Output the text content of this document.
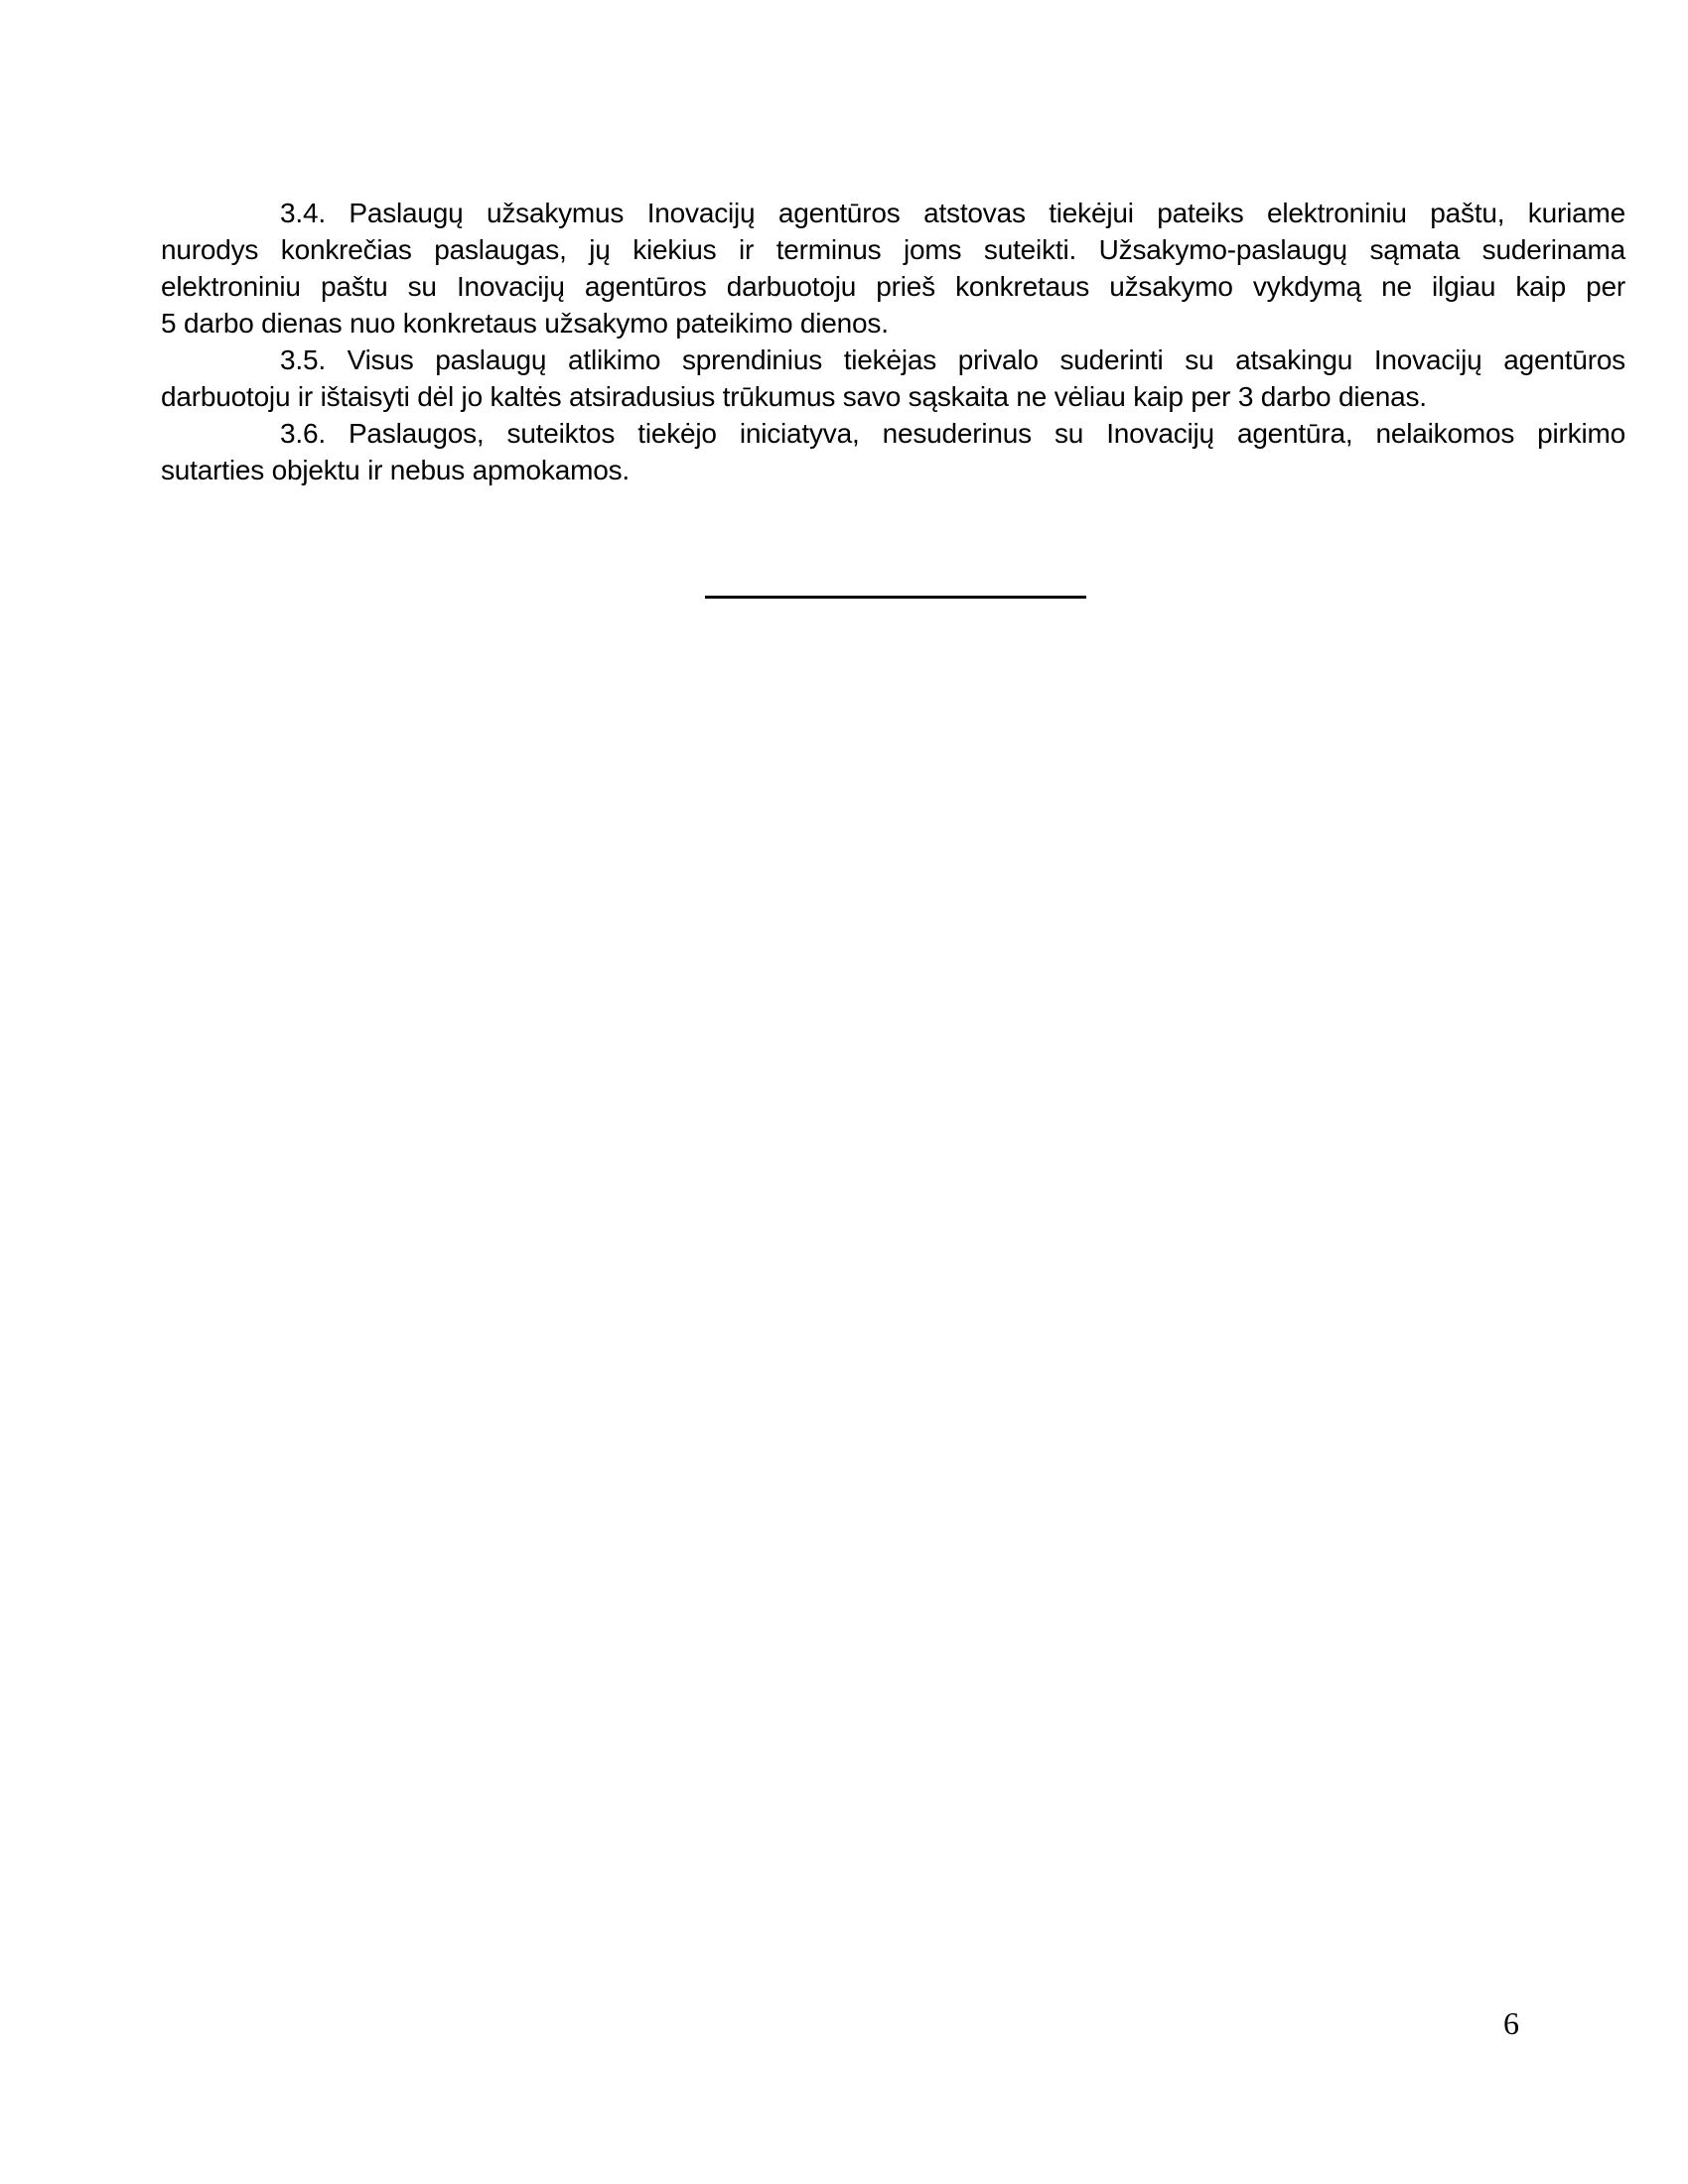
3.4. Paslaugų užsakymus Inovacijų agentūros atstovas tiekėjui pateiks elektroniniu paštu, kuriame
nurodys konkrečias paslaugas, jų kiekius ir terminus joms suteikti. Užsakymo-paslaugų sąmata suderinama
elektroniniu paštu su Inovacijų agentūros darbuotoju prieš konkretaus užsakymo vykdymą ne ilgiau kaip per
5 darbo dienas nuo konkretaus užsakymo pateikimo dienos.
3.5. Visus paslaugų atlikimo sprendinius tiekėjas privalo suderinti su atsakingu Inovacijų agentūros
darbuotoju ir ištaisyti dėl jo kaltės atsiradusius trūkumus savo sąskaita ne vėliau kaip per 3 darbo dienas.
3.6. Paslaugos, suteiktos tiekėjo iniciatyva, nesuderinus su Inovacijų agentūra, nelaikomos pirkimo
sutarties objektu ir nebus apmokamos.
6
